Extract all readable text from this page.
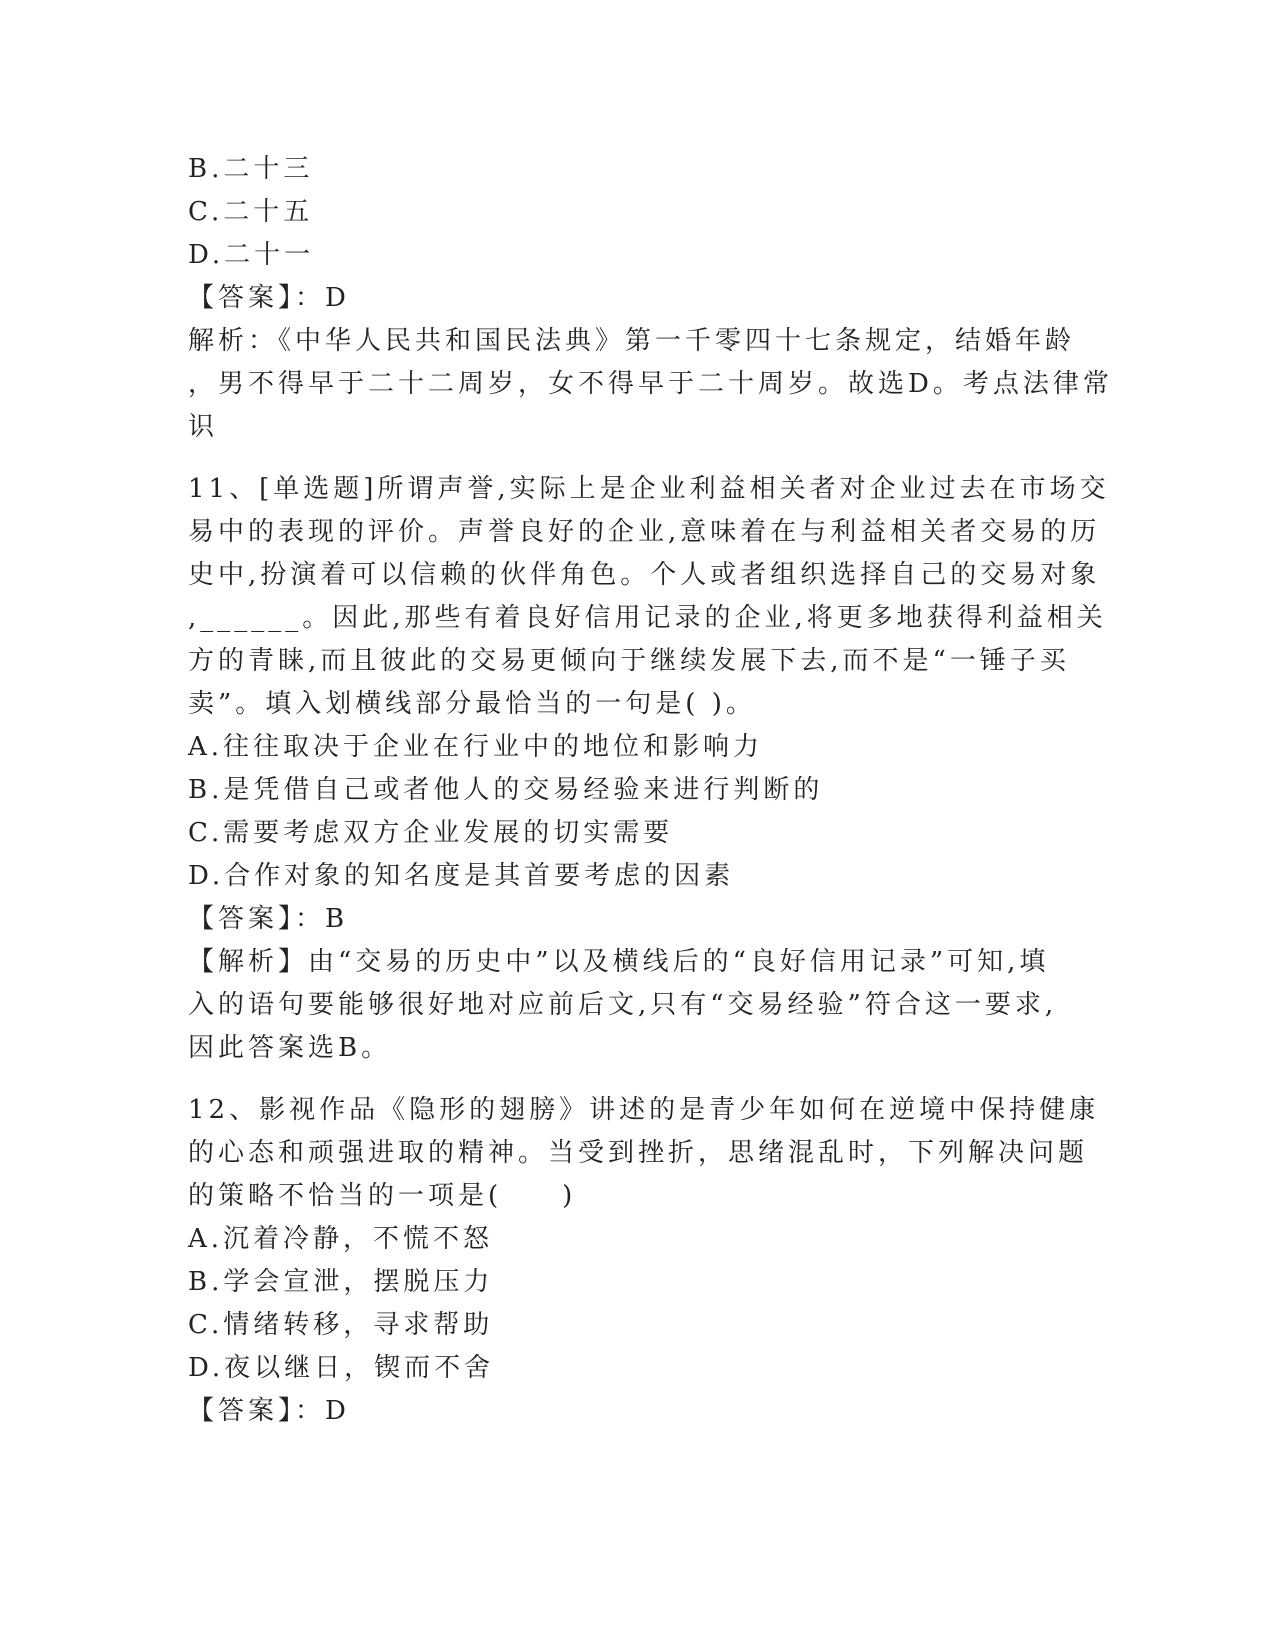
B.二十三
C.二十五
D.二十一
【答案】：D
解析：《中华人民共和国民法典》第一千零四十七条规定，结婚年龄
，男不得早于二十二周岁，女不得早于二十周岁。故选D。考点法律常
识
11、[单选题]所谓声誉,实际上是企业利益相关者对企业过去在市场交
易中的表现的评价。声誉良好的企业,意味着在与利益相关者交易的历
史中,扮演着可以信赖的伙伴角色。个人或者组织选择自己的交易对象
,______。因此,那些有着良好信用记录的企业,将更多地获得利益相关
方的青睐,而且彼此的交易更倾向于继续发展下去,而不是“一锤子买
卖”。填入划横线部分最恰当的一句是( )。
A.往往取决于企业在行业中的地位和影响力
B.是凭借自己或者他人的交易经验来进行判断的
C.需要考虑双方企业发展的切实需要
D.合作对象的知名度是其首要考虑的因素
【答案】：B
【解析】由“交易的历史中”以及横线后的“良好信用记录”可知,填
入的语句要能够很好地对应前后文,只有“交易经验”符合这一要求,
因此答案选B。
12、影视作品《隐形的翅膀》讲述的是青少年如何在逆境中保持健康
的心态和顽强进取的精神。当受到挫折，思绪混乱时，下列解决问题
的策略不恰当的一项是(　　)
A.沉着冷静，不慌不怒
B.学会宣泄，摆脱压力
C.情绪转移，寻求帮助
D.夜以继日，锲而不舍
【答案】：D
